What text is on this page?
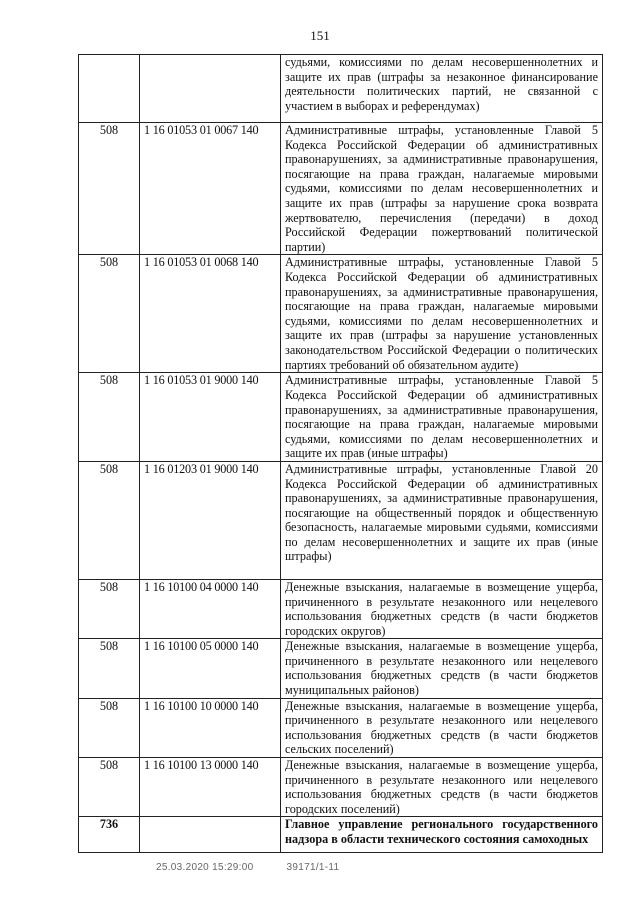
151
		судьями, комиссиями по делам несовершеннолетних и защите их прав (штрафы за незаконное финансирование деятельности политических партий, не связанной с участием в выборах и референдумах)
508	1 16 01053 01 0067 140	Административные штрафы, установленные Главой 5 Кодекса Российской Федерации об административных правонарушениях, за административные правонарушения, посягающие на права граждан, налагаемые мировыми судьями, комиссиями по делам несовершеннолетних и защите их прав (штрафы за нарушение срока возврата жертвователю, перечисления (передачи) в доход Российской Федерации пожертвований политической партии)
508	1 16 01053 01 0068 140	Административные штрафы, установленные Главой 5 Кодекса Российской Федерации об административных правонарушениях, за административные правонарушения, посягающие на права граждан, налагаемые мировыми судьями, комиссиями по делам несовершеннолетних и защите их прав (штрафы за нарушение установленных законодательством Российской Федерации о политических партиях требований об обязательном аудите)
508	1 16 01053 01 9000 140	Административные штрафы, установленные Главой 5 Кодекса Российской Федерации об административных правонарушениях, за административные правонарушения, посягающие на права граждан, налагаемые мировыми судьями, комиссиями по делам несовершеннолетних и защите их прав (иные штрафы)
508	1 16 01203 01 9000 140	Административные штрафы, установленные Главой 20 Кодекса Российской Федерации об административных правонарушениях, за административные правонарушения, посягающие на общественный порядок и общественную безопасность, налагаемые мировыми судьями, комиссиями по делам несовершеннолетних и защите их прав (иные штрафы)
508	1 16 10100 04 0000 140	Денежные взыскания, налагаемые в возмещение ущерба, причиненного в результате незаконного или нецелевого использования бюджетных средств (в части бюджетов городских округов)
508	1 16 10100 05 0000 140	Денежные взыскания, налагаемые в возмещение ущерба, причиненного в результате незаконного или нецелевого использования бюджетных средств (в части бюджетов муниципальных районов)
508	1 16 10100 10 0000 140	Денежные взыскания, налагаемые в возмещение ущерба, причиненного в результате незаконного или нецелевого использования бюджетных средств (в части бюджетов сельских поселений)
508	1 16 10100 13 0000 140	Денежные взыскания, налагаемые в возмещение ущерба, причиненного в результате незаконного или нецелевого использования бюджетных средств (в части бюджетов городских поселений)
736		Главное управление регионального государственного надзора в области технического состояния самоходных
25.03.2020 15:29:00	39171/1-11
